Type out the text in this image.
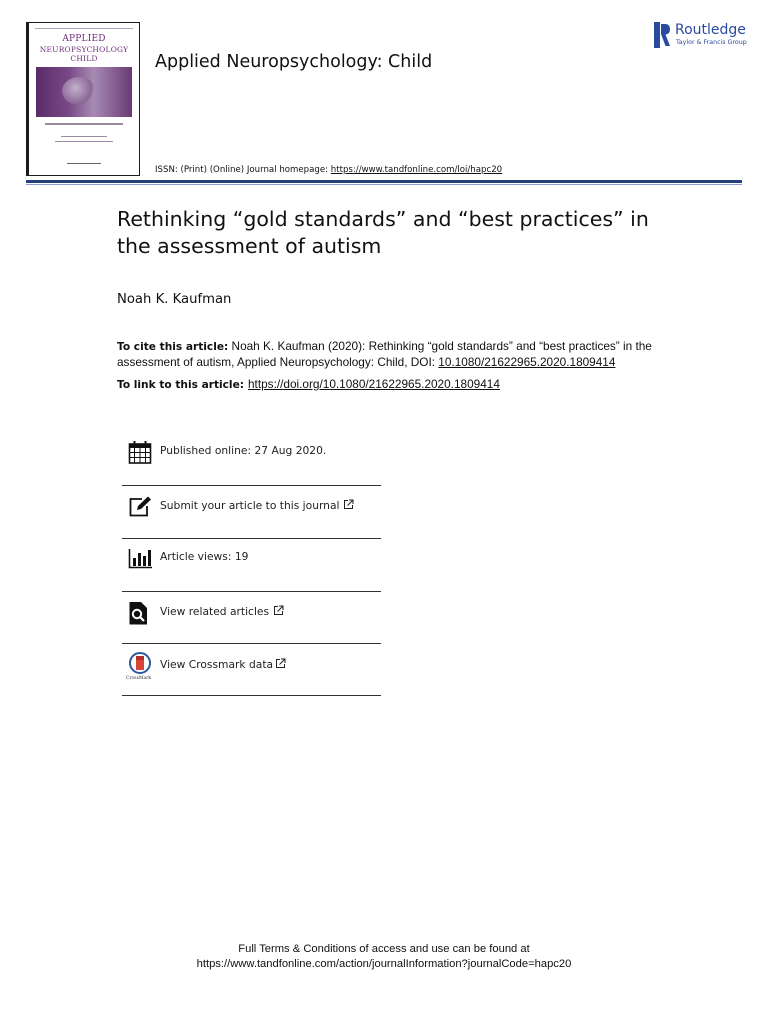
APPLIED
NEUROPSYCHOLOGY
CHILD	Applied Neuropsychology: Child
Routledge
Taylor & Francis Group
ISSN: (Print) (Online) Journal homepage: https://www.tandfonline.com/loi/hapc20
Rethinking “gold standards” and “best practices” in the assessment of autism
Noah K. Kaufman
To cite this article: Noah K. Kaufman (2020): Rethinking “gold standards” and “best practices” in the assessment of autism, Applied Neuropsychology: Child, DOI: 10.1080/21622965.2020.1809414
To link to this article: https://doi.org/10.1080/21622965.2020.1809414
Published online: 27 Aug 2020.
Submit your article to this journal
Article views: 19
View related articles
CrossMark
View Crossmark data
Full Terms & Conditions of access and use can be found at
https://www.tandfonline.com/action/journalInformation?journalCode=hapc20
